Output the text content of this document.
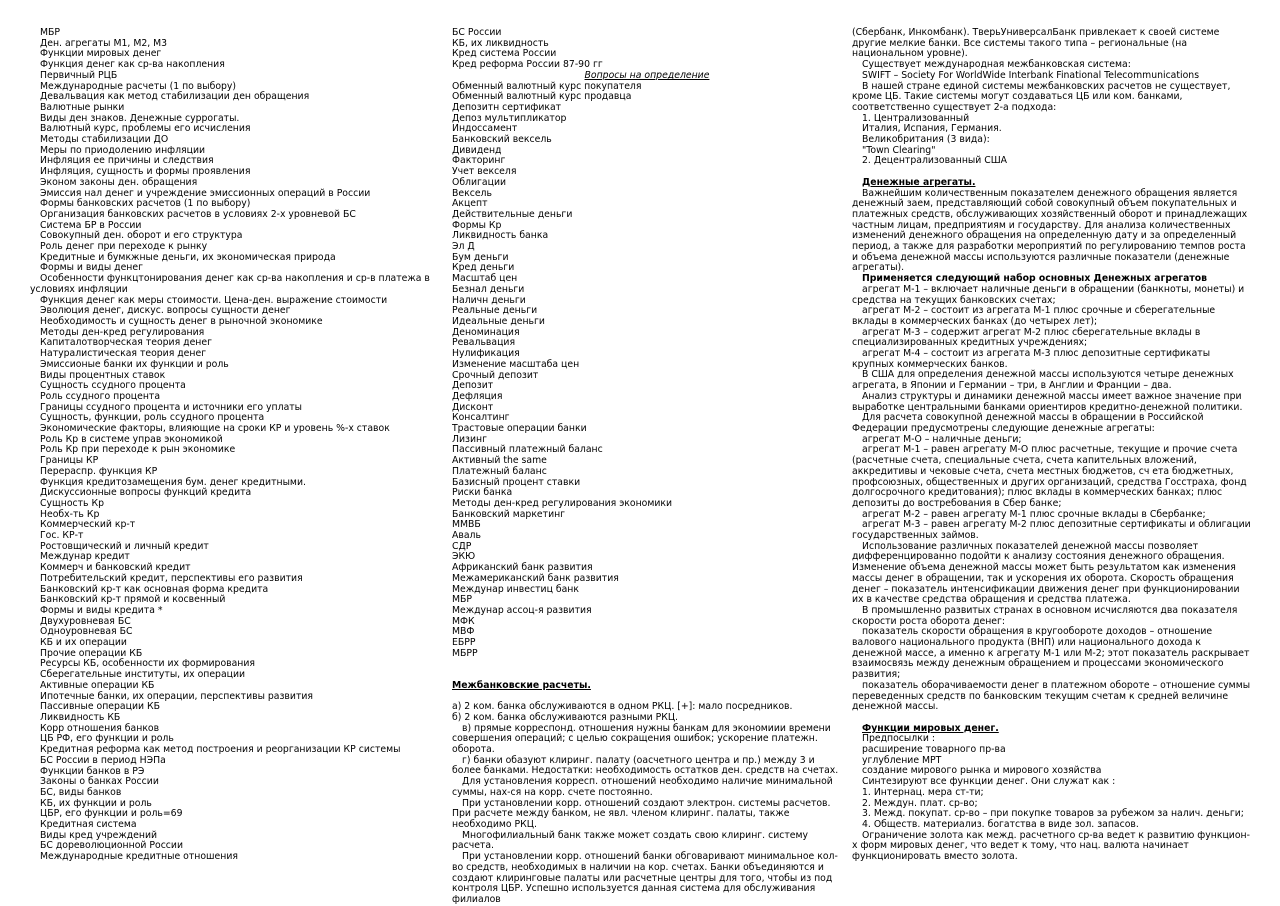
МБР
Ден. агрегаты М1, М2, М3
Функции мировых денег
Функция денег как ср-ва накопления
Первичный РЦБ
Международные расчеты (1 по выбору)
Девальвация как метод стабилизации ден обращения
Валютные рынки
Виды ден знаков. Денежные суррогаты.
Валютный курс, проблемы его исчисления
Методы стабилизации ДО
Меры по приодолению инфляции
Инфляция ее причины и следствия
Инфляция, сущность и формы проявления
Эконом законы ден. обращения
Эмиссия нал денег и учреждение эмиссионных операций в России
Формы банковских расчетов (1 по выбору)
Организация банковских расчетов в условиях 2-х уровневой БС
Система БР в России
Совокупный ден. оборот и его структура
Роль денег при переходе к рынку
Кредитные и бумкжные деньги, их экономическая природа
Формы и виды денег
Особенности функцтонирования денег как ср-ва накопления и ср-в платежа в
условиях инфляции
Функция денег как меры стоимости. Цена-ден. выражение стоимости
Эволюция денег, дискус. вопросы сущности денег
Необходимость и сущность денег в рыночной экономике
Методы ден-кред регулирования
Капиталотворческая теория денег
Натуралистическая теория денег
Эмиссионые банки их функции и роль
Виды процентных ставок
Сущность ссудного процента
Роль ссудного процента
Границы ссудного процента и источники его уплаты
Сущность, функции, роль ссудного процента
Экономические факторы, влияющие на сроки КР и уровень %-х ставок
Роль Кр в системе управ экономикой
Роль Кр при переходе к рын экономике
Границы КР
Перераспр. функция КР
Функция кредитозамещения бум. денег кредитными.
Дискуссионные вопросы функций кредита
Сущность Кр
Необх-ть Кр
Коммерческий кр-т
Гос. КР-т
Ростовщический и личный кредит
Междунар кредит
Коммерч и банковский кредит
Потребительский кредит, перспективы его развития
Банковский кр-т как основная форма кредита
Банковский кр-т прямой и косвенный
Формы и виды кредита *
Двухуровневая БС
Одноуровневая БС
КБ и их операции
Прочие операции КБ
Ресурсы КБ, особенности их формирования
Сберегательные институты, их операции
Активные операции КБ
Ипотечные банки, их операции, перспективы развития
Пассивные операции КБ
Ликвидность КБ
Корр отношения банков
ЦБ РФ, его функции и роль
Кредитная реформа как метод построения и реорганизации КР системы
БС России в период НЭПа
Функции банков в РЭ
Законы о банках России
БС, виды банков
КБ, их функции и роль
ЦБР, его функции и роль=69
Кредитная система
Виды кред учреждений
БС дореволюционной России
Международные кредитные отношения
БС России
КБ, их ликвидность
Кред система России
Кред реформа России 87-90 гг
Вопросы на определение
Обменный валютный курс покупателя
Обменный валютный курс продавца
Депозитн сертификат
Депоз мультипликатор
Индоссамент
Банковский вексель
Дивиденд
Факторинг
Учет векселя
Облигации
Вексель
Акцепт
Действительные деньги
Формы Кр
Ликвидность банка
Эл Д
Бум деньги
Кред деньги
Масштаб цен
Безнал деньги
Наличн деньги
Реальные деньги
Идеальные деньги
Деноминация
Ревальвация
Нулификация
Изменение масштаба цен
Срочный депозит
Депозит
Дефляция
Дисконт
Консалтинг
Трастовые операции банки
Лизинг
Пассивный платежный баланс
Активный the same
Платежный баланс
Базисный процент ставки
Риски банка
Методы ден-кред регулирования экономики
Банковский маркетинг
ММВБ
Аваль
СДР
ЭКЮ
Африканский банк развития
Межамериканский банк развития
Междунар инвестиц банк
МБР
Междунар ассоц-я развития
МФК
МВФ
ЕБРР
МБРР
Межбанковские расчеты.
а) 2 ком. банка обслуживаются в одном РКЦ. [+]: мало посредников.
б) 2 ком. банка обслуживаются разными РКЦ.
в) прямые корреспонд. отношения нужны банкам для экономиии времени совершения операций; с целью сокращения ошибок; ускорение платежн. оборота.
г) банки обазуют клиринг. палату (оасчетного центра и пр.) между 3 и более банками. Недостатки: необходимость остатков ден. средств на счетах.
Для установления корресп. отношений необходимо наличие минимальной суммы, нах-ся на корр. счете постоянно.
При установлении корр. отношений создают электрон. системы расчетов. При расчете между банком, не явл. членом клиринг. палаты, также необходимо РКЦ.
Многофилиальный банк также может создать свою клиринг. систему расчета.
При установлении корр. отношений банки обговаривают минимальное кол-во средств, необходимых в наличии на кор. счетах. Банки объединяются и создают клиринговые палаты или расчетные центры для того, чтобы из под контроля ЦБР. Успешно используется данная система для обслуживания филиалов
(Сбербанк, Инкомбанк). ТверьУниверсалБанк привлекает к своей системе другие мелкие банки. Все системы такого типа – региональные (на национальном уровне).
Существует международная межбанковская система:
SWIFT – Society For WorldWide Interbank Finational Telecommunications
В нашей стране единой системы межбанковских расчетов не существует, кроме ЦБ. Такие системы могут создаваться ЦБ или ком. банками, соответственно существует 2-а подхода:
1. Централизованный
Италия, Испания, Германия.
Великобритания (3 вида):
"Town Clearing"
2. Децентрализованный США
Денежные агрегаты.
Важнейшим количественным показателем денежного обращения является денежный заем, представляющий собой совокупный объем покупательных и платежных средств, обслуживающих хозяйственный оборот и принадлежащих частным лицам, предприятиям и государству. Для анализа количественных изменений денежного обращения на определенную дату и за определенный период, а также для разработки мероприятий по регулированию темпов роста и объема денежной массы используются различные показатели (денежные агрегаты).
Применяется следующий набор основных Денежных агрегатов
агрегат М-1 – включает наличные деньги в обращении (банкноты, монеты) и средства на текущих банковских счетах;
агрегат М-2 – состоит из агрегата М-1 плюс срочные и сберегательные вклады в коммерческих банках (до четырех лет);
агрегат М-3 – содержит агрегат М-2 плюс сберегательные вклады в специализированных кредитных учреждениях;
агрегат М-4 – состоит из агрегата М-3 плюс депозитные сертификаты крупных коммерческих банков.
В США для определения денежной массы используются четыре денежных агрегата, в Японии и Германии – три, в Англии и Франции – два.
Анализ структуры и динамики денежной массы имеет важное значение при выработке центральными банками ориентиров кредитно-денежной политики.
Для расчета совокупной денежной массы в обращении в Российской Федерации предусмотрены следующие денежные агрегаты:
агрегат М-О – наличные деньги;
агрегат М-1 – равен агрегату М-О плюс расчетные, текущие и прочие счета (расчетные счета, специальные счета, счета капительных вложений, аккредитивы и чековые счета, счета местных бюджетов, сч ета бюджетных, профсоюзных, общественных и других организаций, средства Госстраха, фонд долгосрочного кредитования); плюс вклады в коммерческих банках; плюс депозиты до востребования в Сбер банке;
агрегат М-2 – равен агрегату М-1 плюс срочные вклады в Сбербанке;
агрегат М-3 – равен агрегату М-2 плюс депозитные сертификаты и облигации государственных займов.
Использование различных показателей денежной массы позволяет дифференцированно подойти к анализу состояния денежного обращения. Изменение объема денежной массы может быть результатом как изменения массы денег в обращении, так и ускорения их оборота. Скорость обращения денег – показатель интенсификации движения денег при функционировании их в качестве средства обращения и средства платежа.
В промышленно развитых странах в основном исчисляются два показателя скорости роста оборота денег:
показатель скорости обращения в кругообороте доходов – отношение валового национального продукта (ВНП) или национального дохода к денежной массе, а именно к агрегату М-1 или М-2; этот показатель раскрывает взаимосвязь между денежным обращением и процессами экономического развития;
показатель оборачиваемости денег в платежном обороте – отношение суммы переведенных средств по банковским текущим счетам к средней величине денежной массы.
Функции мировых денег.
Предпосылки :
расширение товарного пр-ва
углубление МРТ
создание мирового рынка и мирового хозяйства
Синтезируют все функции денег. Они служат как :
1. Интернац. мера ст-ти;
2. Междун. плат. ср-во;
3. Межд. покупат. ср-во – при покупке товаров за рубежом за налич. деньги;
4. Обществ. материализ. богатства в виде зол. запасов.
Ограничение золота как межд. расчетного ср-ва ведет к развитию функцион-х форм мировых денег, что ведет к тому, что нац. валюта начинает функционировать вместо золота.
